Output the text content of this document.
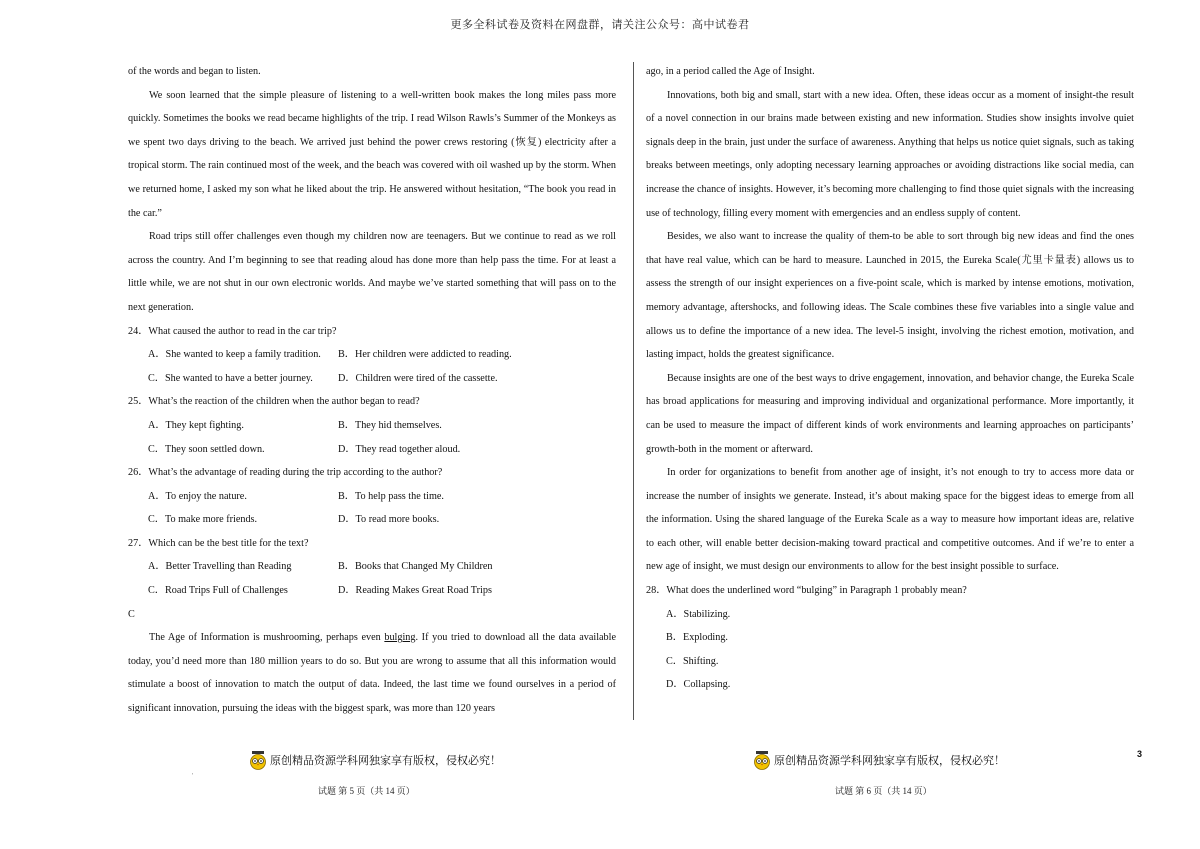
更多全科试卷及资料在网盘群，请关注公众号：高中试卷君

of the words and began to listen.

We soon learned that the simple pleasure of listening to a well-written book makes the long miles pass more quickly. Sometimes the books we read became highlights of the trip. I read Wilson Rawls’s Summer of the Monkeys as we spent two days driving to the beach. We arrived just behind the power crews restoring (恢复) electricity after a tropical storm. The rain continued most of the week, and the beach was covered with oil washed up by the storm. When we returned home, I asked my son what he liked about the trip. He answered without hesitation, “The book you read in the car.”

Road trips still offer challenges even though my children now are teenagers. But we continue to read as we roll across the country. And I’m beginning to see that reading aloud has done more than help pass the time. For at least a little while, we are not shut in our own electronic worlds. And maybe we’ve started something that will pass on to the next generation.

24．What caused the author to read in the car trip?

A．She wanted to keep a family tradition.	B．Her children were addicted to reading.
C．She wanted to have a better journey.	D．Children were tired of the cassette.

25．What’s the reaction of the children when the author began to read?

A．They kept fighting.	B．They hid themselves.
C．They soon settled down.	D．They read together aloud.

26．What’s the advantage of reading during the trip according to the author?

A．To enjoy the nature.	B．To help pass the time.
C．To make more friends.	D．To read more books.

27．Which can be the best title for the text?

A．Better Travelling than Reading	B．Books that Changed My Children
C．Road Trips Full of Challenges	D．Reading Makes Great Road Trips

C

The Age of Information is mushrooming, perhaps even bulging. If you tried to download all the data available today, you’d need more than 180 million years to do so. But you are wrong to assume that all this information would stimulate a boost of innovation to match the output of data. Indeed, the last time we found ourselves in a period of significant innovation, pursuing the ideas with the biggest spark, was more than 120 years

ago, in a period called the Age of Insight.

Innovations, both big and small, start with a new idea. Often, these ideas occur as a moment of insight-the result of a novel connection in our brains made between existing and new information. Studies show insights involve quiet signals deep in the brain, just under the surface of awareness. Anything that helps us notice quiet signals, such as taking breaks between meetings, only adopting necessary learning approaches or avoiding distractions like social media, can increase the chance of insights. However, it’s becoming more challenging to find those quiet signals with the increasing use of technology, filling every moment with emergencies and an endless supply of content.

Besides, we also want to increase the quality of them-to be able to sort through big new ideas and find the ones that have real value, which can be hard to measure. Launched in 2015, the Eureka Scale(尤里卡量表) allows us to assess the strength of our insight experiences on a five-point scale, which is marked by intense emotions, motivation, memory advantage, aftershocks, and following ideas. The Scale combines these five variables into a single value and allows us to define the importance of a new idea. The level-5 insight, involving the richest emotion, motivation, and lasting impact, holds the greatest significance.

Because insights are one of the best ways to drive engagement, innovation, and behavior change, the Eureka Scale has broad applications for measuring and improving individual and organizational performance. More importantly, it can be used to measure the impact of different kinds of work environments and learning approaches on participants’ growth-both in the moment or afterward.

In order for organizations to benefit from another age of insight, it’s not enough to try to access more data or increase the number of insights we generate. Instead, it’s about making space for the biggest ideas to emerge from all the information. Using the shared language of the Eureka Scale as a way to measure how important ideas are, relative to each other, will enable better decision-making toward practical and competitive outcomes. And if we’re to enter a new age of insight, we must design our environments to allow for the best insight possible to surface.

28．What does the underlined word “bulging” in Paragraph 1 probably mean?

A．Stabilizing.

B．Exploding.

C．Shifting.

D．Collapsing.

原创精品资源学科网独家享有版权，侵权必究！	原创精品资源学科网独家享有版权，侵权必究！
3
'
试题 第 5 页（共 14 页）	试题 第 6 页（共 14 页）
